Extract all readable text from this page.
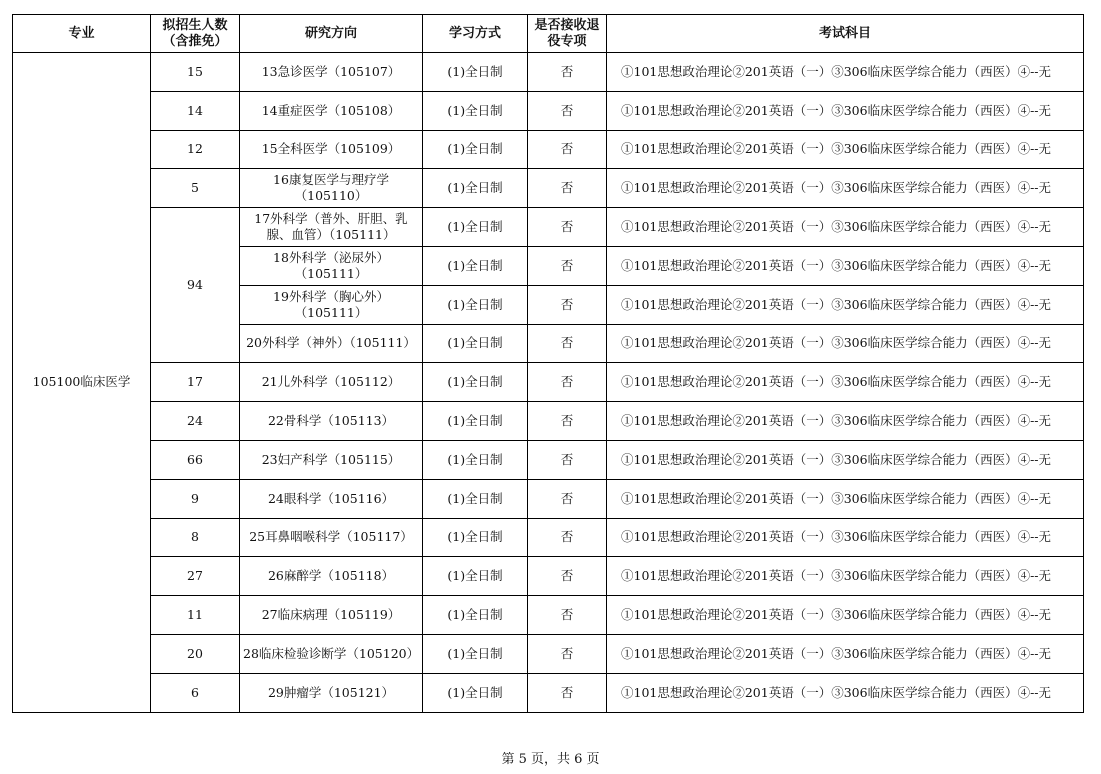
专业	拟招生人数（含推免）	研究方向	学习方式	是否接收退役专项	考试科目
105100临床医学	15	13急诊医学（105107）	(1)全日制	否	①101思想政治理论②201英语（一）③306临床医学综合能力（西医）④--无
	14	14重症医学（105108）	(1)全日制	否	①101思想政治理论②201英语（一）③306临床医学综合能力（西医）④--无
	12	15全科医学（105109）	(1)全日制	否	①101思想政治理论②201英语（一）③306临床医学综合能力（西医）④--无
	5	16康复医学与理疗学（105110）	(1)全日制	否	①101思想政治理论②201英语（一）③306临床医学综合能力（西医）④--无
	94	17外科学（普外、肝胆、乳腺、血管）（105111）	(1)全日制	否	①101思想政治理论②201英语（一）③306临床医学综合能力（西医）④--无
		18外科学（泌尿外）（105111）	(1)全日制	否	①101思想政治理论②201英语（一）③306临床医学综合能力（西医）④--无
		19外科学（胸心外）（105111）	(1)全日制	否	①101思想政治理论②201英语（一）③306临床医学综合能力（西医）④--无
		20外科学（神外）（105111）	(1)全日制	否	①101思想政治理论②201英语（一）③306临床医学综合能力（西医）④--无
	17	21儿外科学（105112）	(1)全日制	否	①101思想政治理论②201英语（一）③306临床医学综合能力（西医）④--无
	24	22骨科学（105113）	(1)全日制	否	①101思想政治理论②201英语（一）③306临床医学综合能力（西医）④--无
	66	23妇产科学（105115）	(1)全日制	否	①101思想政治理论②201英语（一）③306临床医学综合能力（西医）④--无
	9	24眼科学（105116）	(1)全日制	否	①101思想政治理论②201英语（一）③306临床医学综合能力（西医）④--无
	8	25耳鼻咽喉科学（105117）	(1)全日制	否	①101思想政治理论②201英语（一）③306临床医学综合能力（西医）④--无
	27	26麻醉学（105118）	(1)全日制	否	①101思想政治理论②201英语（一）③306临床医学综合能力（西医）④--无
	11	27临床病理（105119）	(1)全日制	否	①101思想政治理论②201英语（一）③306临床医学综合能力（西医）④--无
	20	28临床检验诊断学（105120）	(1)全日制	否	①101思想政治理论②201英语（一）③306临床医学综合能力（西医）④--无
	6	29肿瘤学（105121）	(1)全日制	否	①101思想政治理论②201英语（一）③306临床医学综合能力（西医）④--无
第 5 页，共 6 页
